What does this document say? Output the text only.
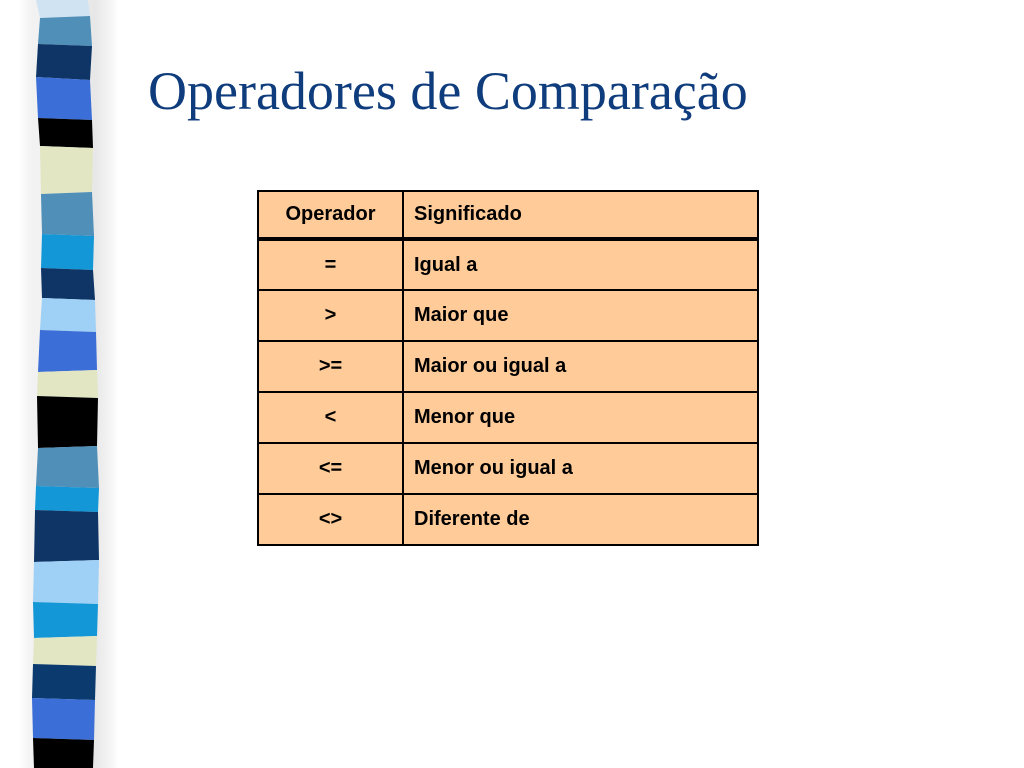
Operadores de Comparação
Operador	Significado
=	Igual a
>	Maior que
>=	Maior ou igual a
<	Menor que
<=	Menor ou igual a
<>	Diferente de
